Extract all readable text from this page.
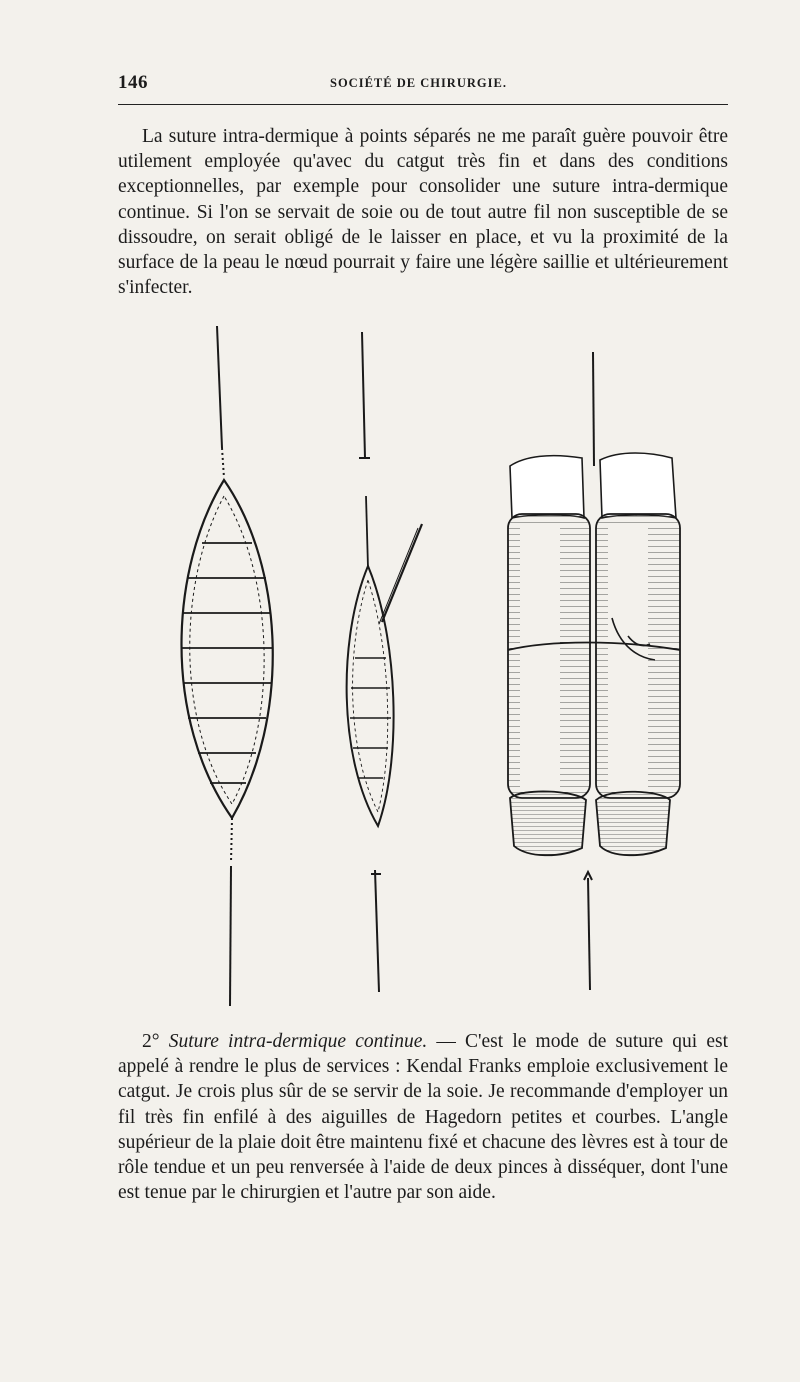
146	SOCIÉTÉ DE CHIRURGIE.

La suture intra-dermique à points séparés ne me paraît guère pouvoir être utilement employée qu'avec du catgut très fin et dans des conditions exceptionnelles, par exemple pour consolider une suture intra-dermique continue. Si l'on se servait de soie ou de tout autre fil non susceptible de se dissoudre, on serait obligé de le laisser en place, et vu la proximité de la surface de la peau le nœud pourrait y faire une légère saillie et ultérieurement s'infecter.

2° Suture intra-dermique continue. — C'est le mode de suture qui est appelé à rendre le plus de services : Kendal Franks emploie exclusivement le catgut. Je crois plus sûr de se servir de la soie. Je recommande d'employer un fil très fin enfilé à des aiguilles de Hagedorn petites et courbes. L'angle supérieur de la plaie doit être maintenu fixé et chacune des lèvres est à tour de rôle tendue et un peu renversée à l'aide de deux pinces à disséquer, dont l'une est tenue par le chirurgien et l'autre par son aide.
